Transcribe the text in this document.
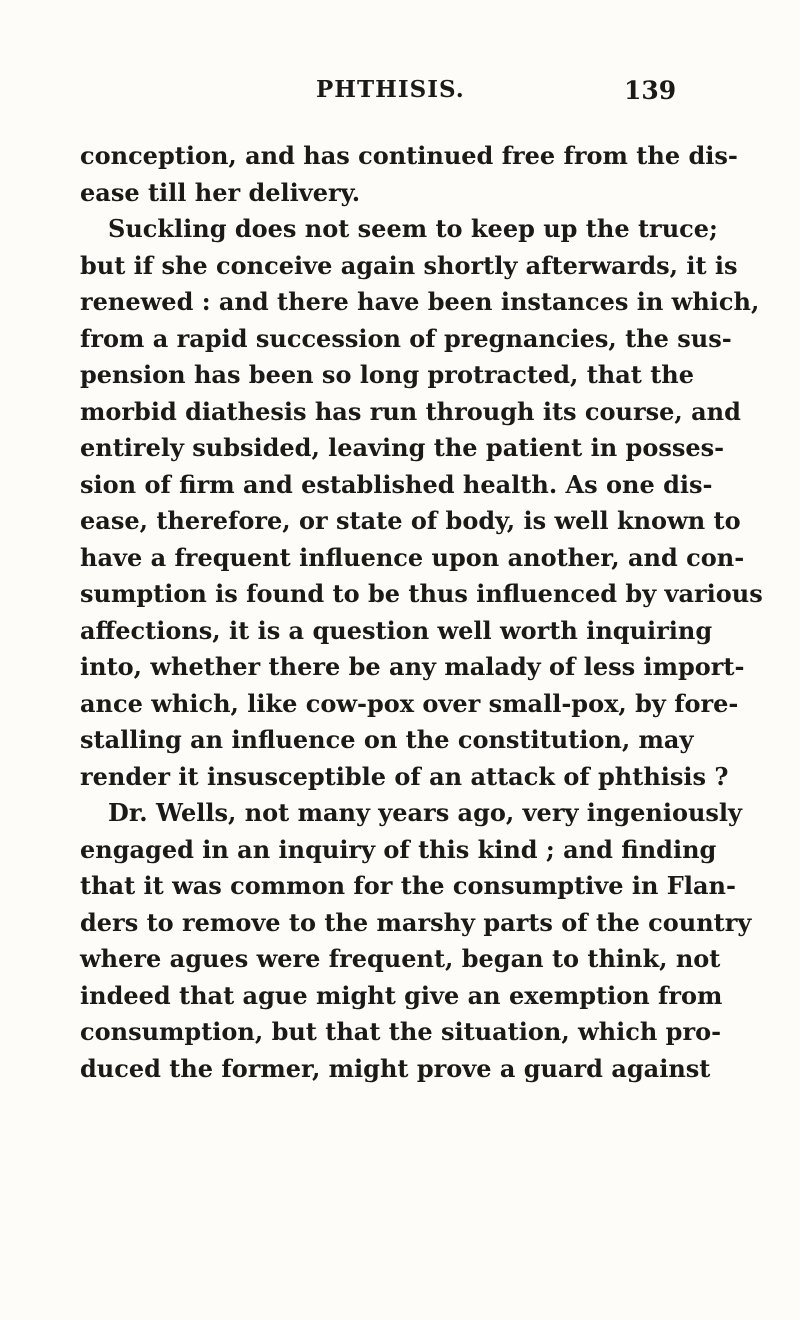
PHTHISIS.	139
conception, and has continued free from the dis-
ease till her delivery.
Suckling does not seem to keep up the truce;
but if she conceive again shortly afterwards, it is
renewed : and there have been instances in which,
from a rapid succession of pregnancies, the sus-
pension has been so long protracted, that the
morbid diathesis has run through its course, and
entirely subsided, leaving the patient in posses-
sion of firm and established health. As one dis-
ease, therefore, or state of body, is well known to
have a frequent influence upon another, and con-
sumption is found to be thus influenced by various
affections, it is a question well worth inquiring
into, whether there be any malady of less import-
ance which, like cow-pox over small-pox, by fore-
stalling an influence on the constitution, may
render it insusceptible of an attack of phthisis ?
Dr. Wells, not many years ago, very ingeniously
engaged in an inquiry of this kind ; and finding
that it was common for the consumptive in Flan-
ders to remove to the marshy parts of the country
where agues were frequent, began to think, not
indeed that ague might give an exemption from
consumption, but that the situation, which pro-
duced the former, might prove a guard against
